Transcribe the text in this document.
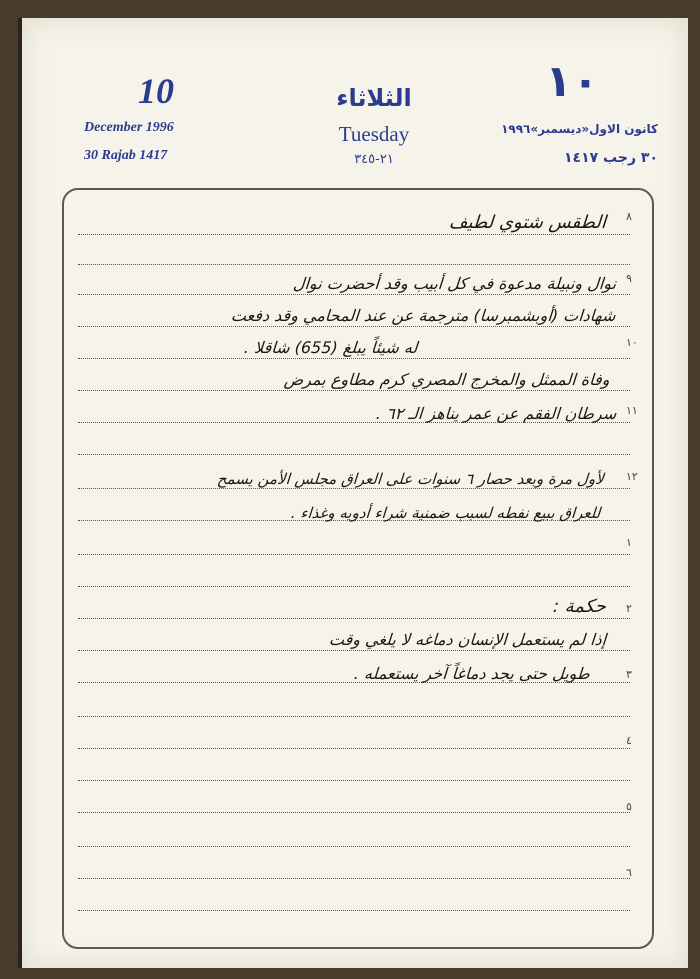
10
December 1996
30 Rajab 1417
الثلاثاء
Tuesday
٢١-٣٤٥
١٠
كانون الاول«ديسمبر»١٩٩٦
٣٠ رجب ١٤١٧
٨
٩
١٠
١١
١٢
١
٢
٣
٤
٥
٦
الطقس شتوي لطيف
نوال ونبيلة مدعوة في كل أبيب وقد أحضرت نوال
شهادات (أوبشمبرسا) مترجمة عن عند المحامي وقد دفعت
له شيئاً يبلغ (655) شاقلا .
وفاة الممثل والمخرج المصري كرم مطاوع بمرض
سرطان الفقم عن عمر يناهز الـ ٦٢ .
لأول مرة وبعد حصار ٦ سنوات على العراق مجلس الأمن يسمح
للعراق ببيع نفطه لسبب ضمنية شراء أدويه وغذاء .
حكمة :
إذا لم يستعمل الإنسان دماغه لا يلغي وقت
طويل حتى يجد دماغاً آخر يستعمله .
